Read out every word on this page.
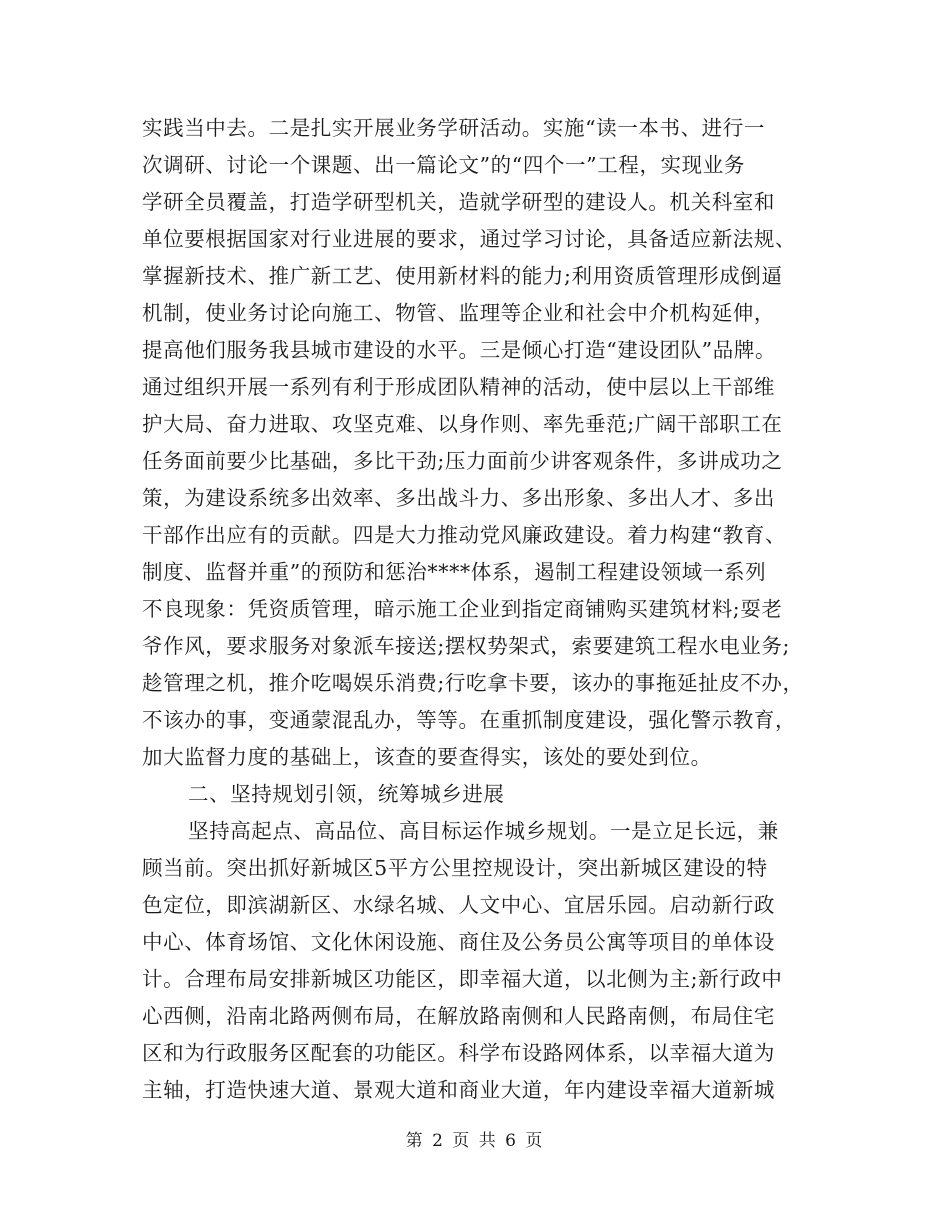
实践当中去。二是扎实开展业务学研活动。实施“读一本书、进行一
次调研、讨论一个课题、出一篇论文”的“四个一”工程，实现业务
学研全员覆盖，打造学研型机关，造就学研型的建设人。机关科室和
单位要根据国家对行业进展的要求，通过学习讨论，具备适应新法规、
掌握新技术、推广新工艺、使用新材料的能力;利用资质管理形成倒逼
机制，使业务讨论向施工、物管、监理等企业和社会中介机构延伸，
提高他们服务我县城市建设的水平。三是倾心打造“建设团队”品牌。
通过组织开展一系列有利于形成团队精神的活动，使中层以上干部维
护大局、奋力进取、攻坚克难、以身作则、率先垂范;广阔干部职工在
任务面前要少比基础，多比干劲;压力面前少讲客观条件，多讲成功之
策，为建设系统多出效率、多出战斗力、多出形象、多出人才、多出
干部作出应有的贡献。四是大力推动党风廉政建设。着力构建“教育、
制度、监督并重”的预防和惩治****体系，遏制工程建设领域一系列
不良现象：凭资质管理，暗示施工企业到指定商铺购买建筑材料;耍老
爷作风，要求服务对象派车接送;摆权势架式，索要建筑工程水电业务;
趁管理之机，推介吃喝娱乐消费;行吃拿卡要，该办的事拖延扯皮不办，
不该办的事，变通蒙混乱办，等等。在重抓制度建设，强化警示教育，
加大监督力度的基础上，该查的要查得实，该处的要处到位。
二、坚持规划引领，统筹城乡进展
坚持高起点、高品位、高目标运作城乡规划。一是立足长远，兼
顾当前。突出抓好新城区5平方公里控规设计，突出新城区建设的特
色定位，即滨湖新区、水绿名城、人文中心、宜居乐园。启动新行政
中心、体育场馆、文化休闲设施、商住及公务员公寓等项目的单体设
计。合理布局安排新城区功能区，即幸福大道，以北侧为主;新行政中
心西侧，沿南北路两侧布局，在解放路南侧和人民路南侧，布局住宅
区和为行政服务区配套的功能区。科学布设路网体系，以幸福大道为
主轴，打造快速大道、景观大道和商业大道，年内建设幸福大道新城
第 2 页 共 6 页
